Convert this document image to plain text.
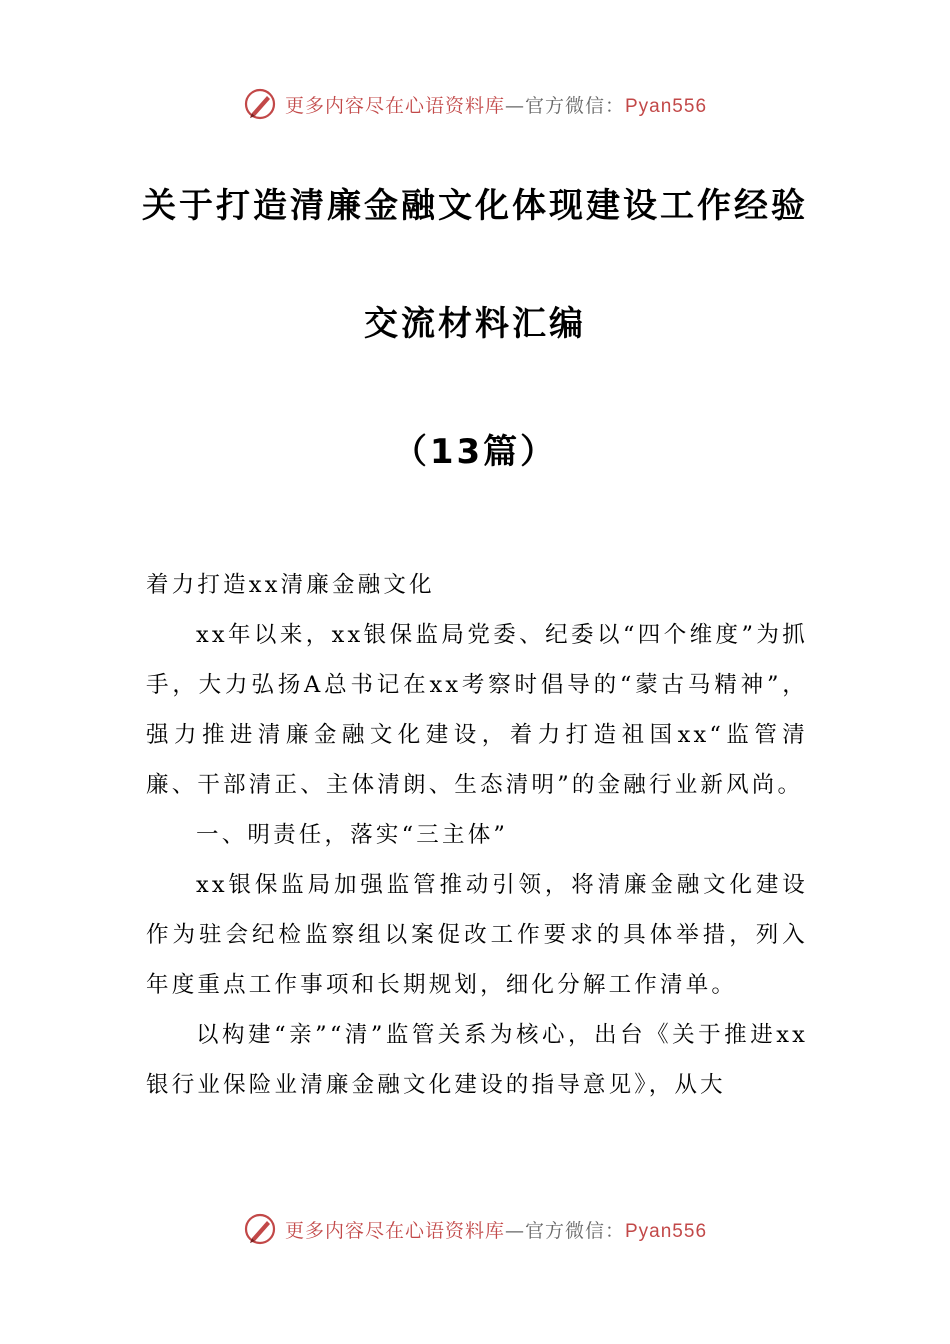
更多内容尽在心语资料库—官方微信：Pyan556
关于打造清廉金融文化体现建设工作经验
交流材料汇编
（13篇）

着力打造xx清廉金融文化

xx年以来，xx银保监局党委、纪委以“四个维度”为抓手，大力弘扬A总书记在xx考察时倡导的“蒙古马精神”，强力推进清廉金融文化建设，着力打造祖国xx“监管清廉、干部清正、主体清朗、生态清明”的金融行业新风尚。

一、明责任，落实“三主体”

xx银保监局加强监管推动引领，将清廉金融文化建设作为驻会纪检监察组以案促改工作要求的具体举措，列入年度重点工作事项和长期规划，细化分解工作清单。

以构建“亲”“清”监管关系为核心，出台《关于推进xx银行业保险业清廉金融文化建设的指导意见》，从大

更多内容尽在心语资料库—官方微信：Pyan556
